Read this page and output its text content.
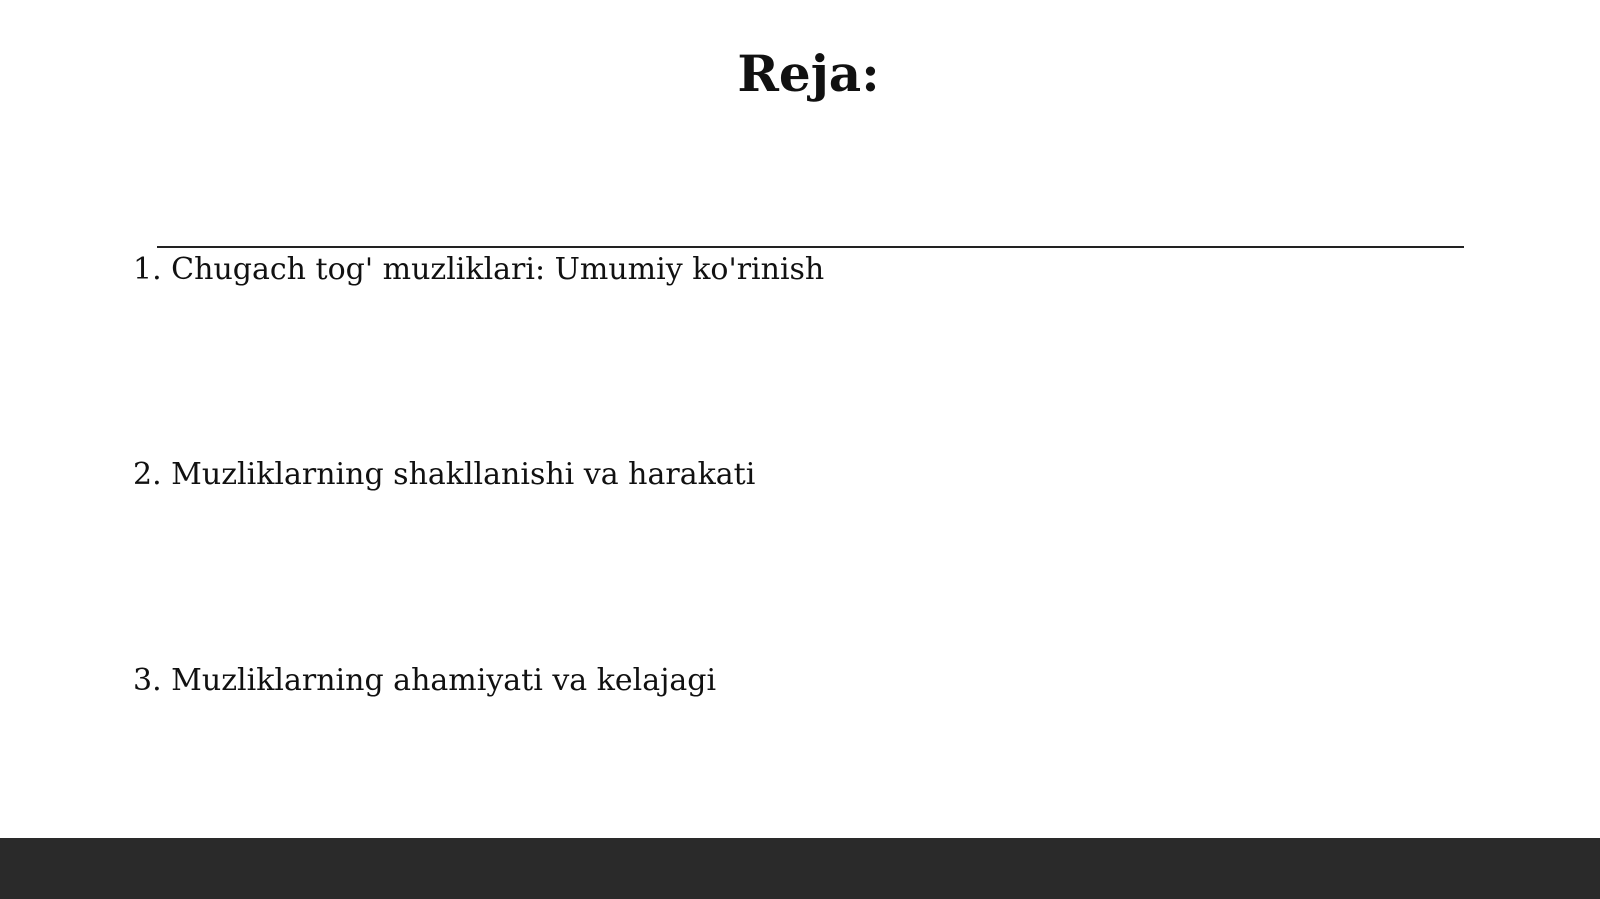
Reja:
1. Chugach tog' muzliklari: Umumiy ko'rinish
2. Muzliklarning shakllanishi va harakati
3. Muzliklarning ahamiyati va kelajagi
